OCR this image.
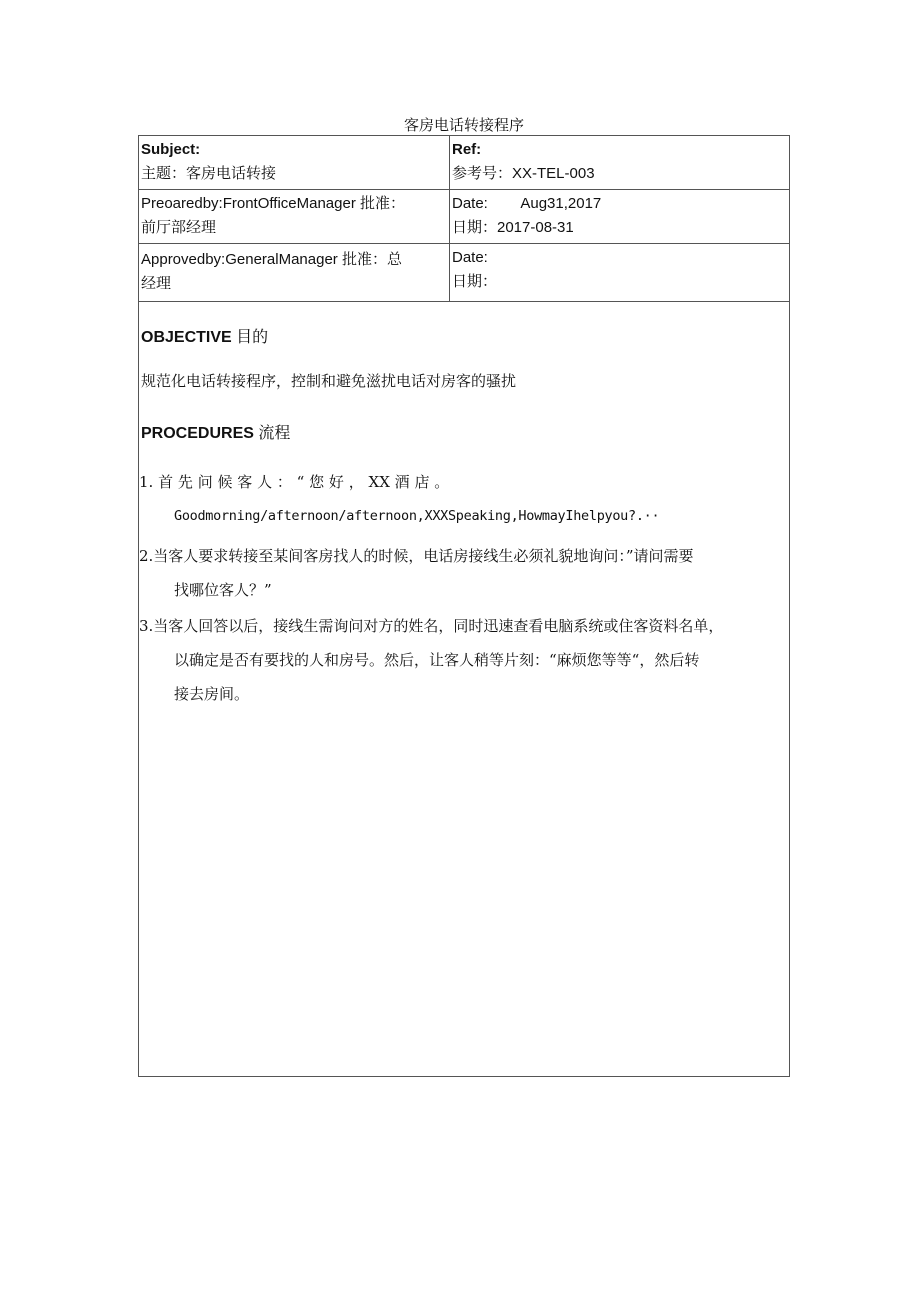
客房电话转接程序
Subject:
主题：客房电话转接
Ref:
参考号：XX-TEL-003
Preoaredby:FrontOfficeManager 批准：
前厅部经理
Date:        Aug31,2017
日期：2017-08-31
Approvedby:GeneralManager 批准：总
经理
Date:
日期：
OBJECTIVE 目的
规范化电话转接程序，控制和避免滋扰电话对房客的骚扰
PROCEDURES 流程
1. 首 先 问 候 客 人 ： “ 您 好 ， XX 酒 店 。
Goodmorning/afternoon/afternoon,XXXSpeaking,HowmayIhelpyou?.··
2.当客人要求转接至某间客房找人的时候，电话房接线生必须礼貌地询问：”请问需要
找哪位客人？”
3.当客人回答以后，接线生需询问对方的姓名，同时迅速查看电脑系统或住客资料名单，
以确定是否有要找的人和房号。然后，让客人稍等片刻：“麻烦您等等“，然后转
接去房间。
